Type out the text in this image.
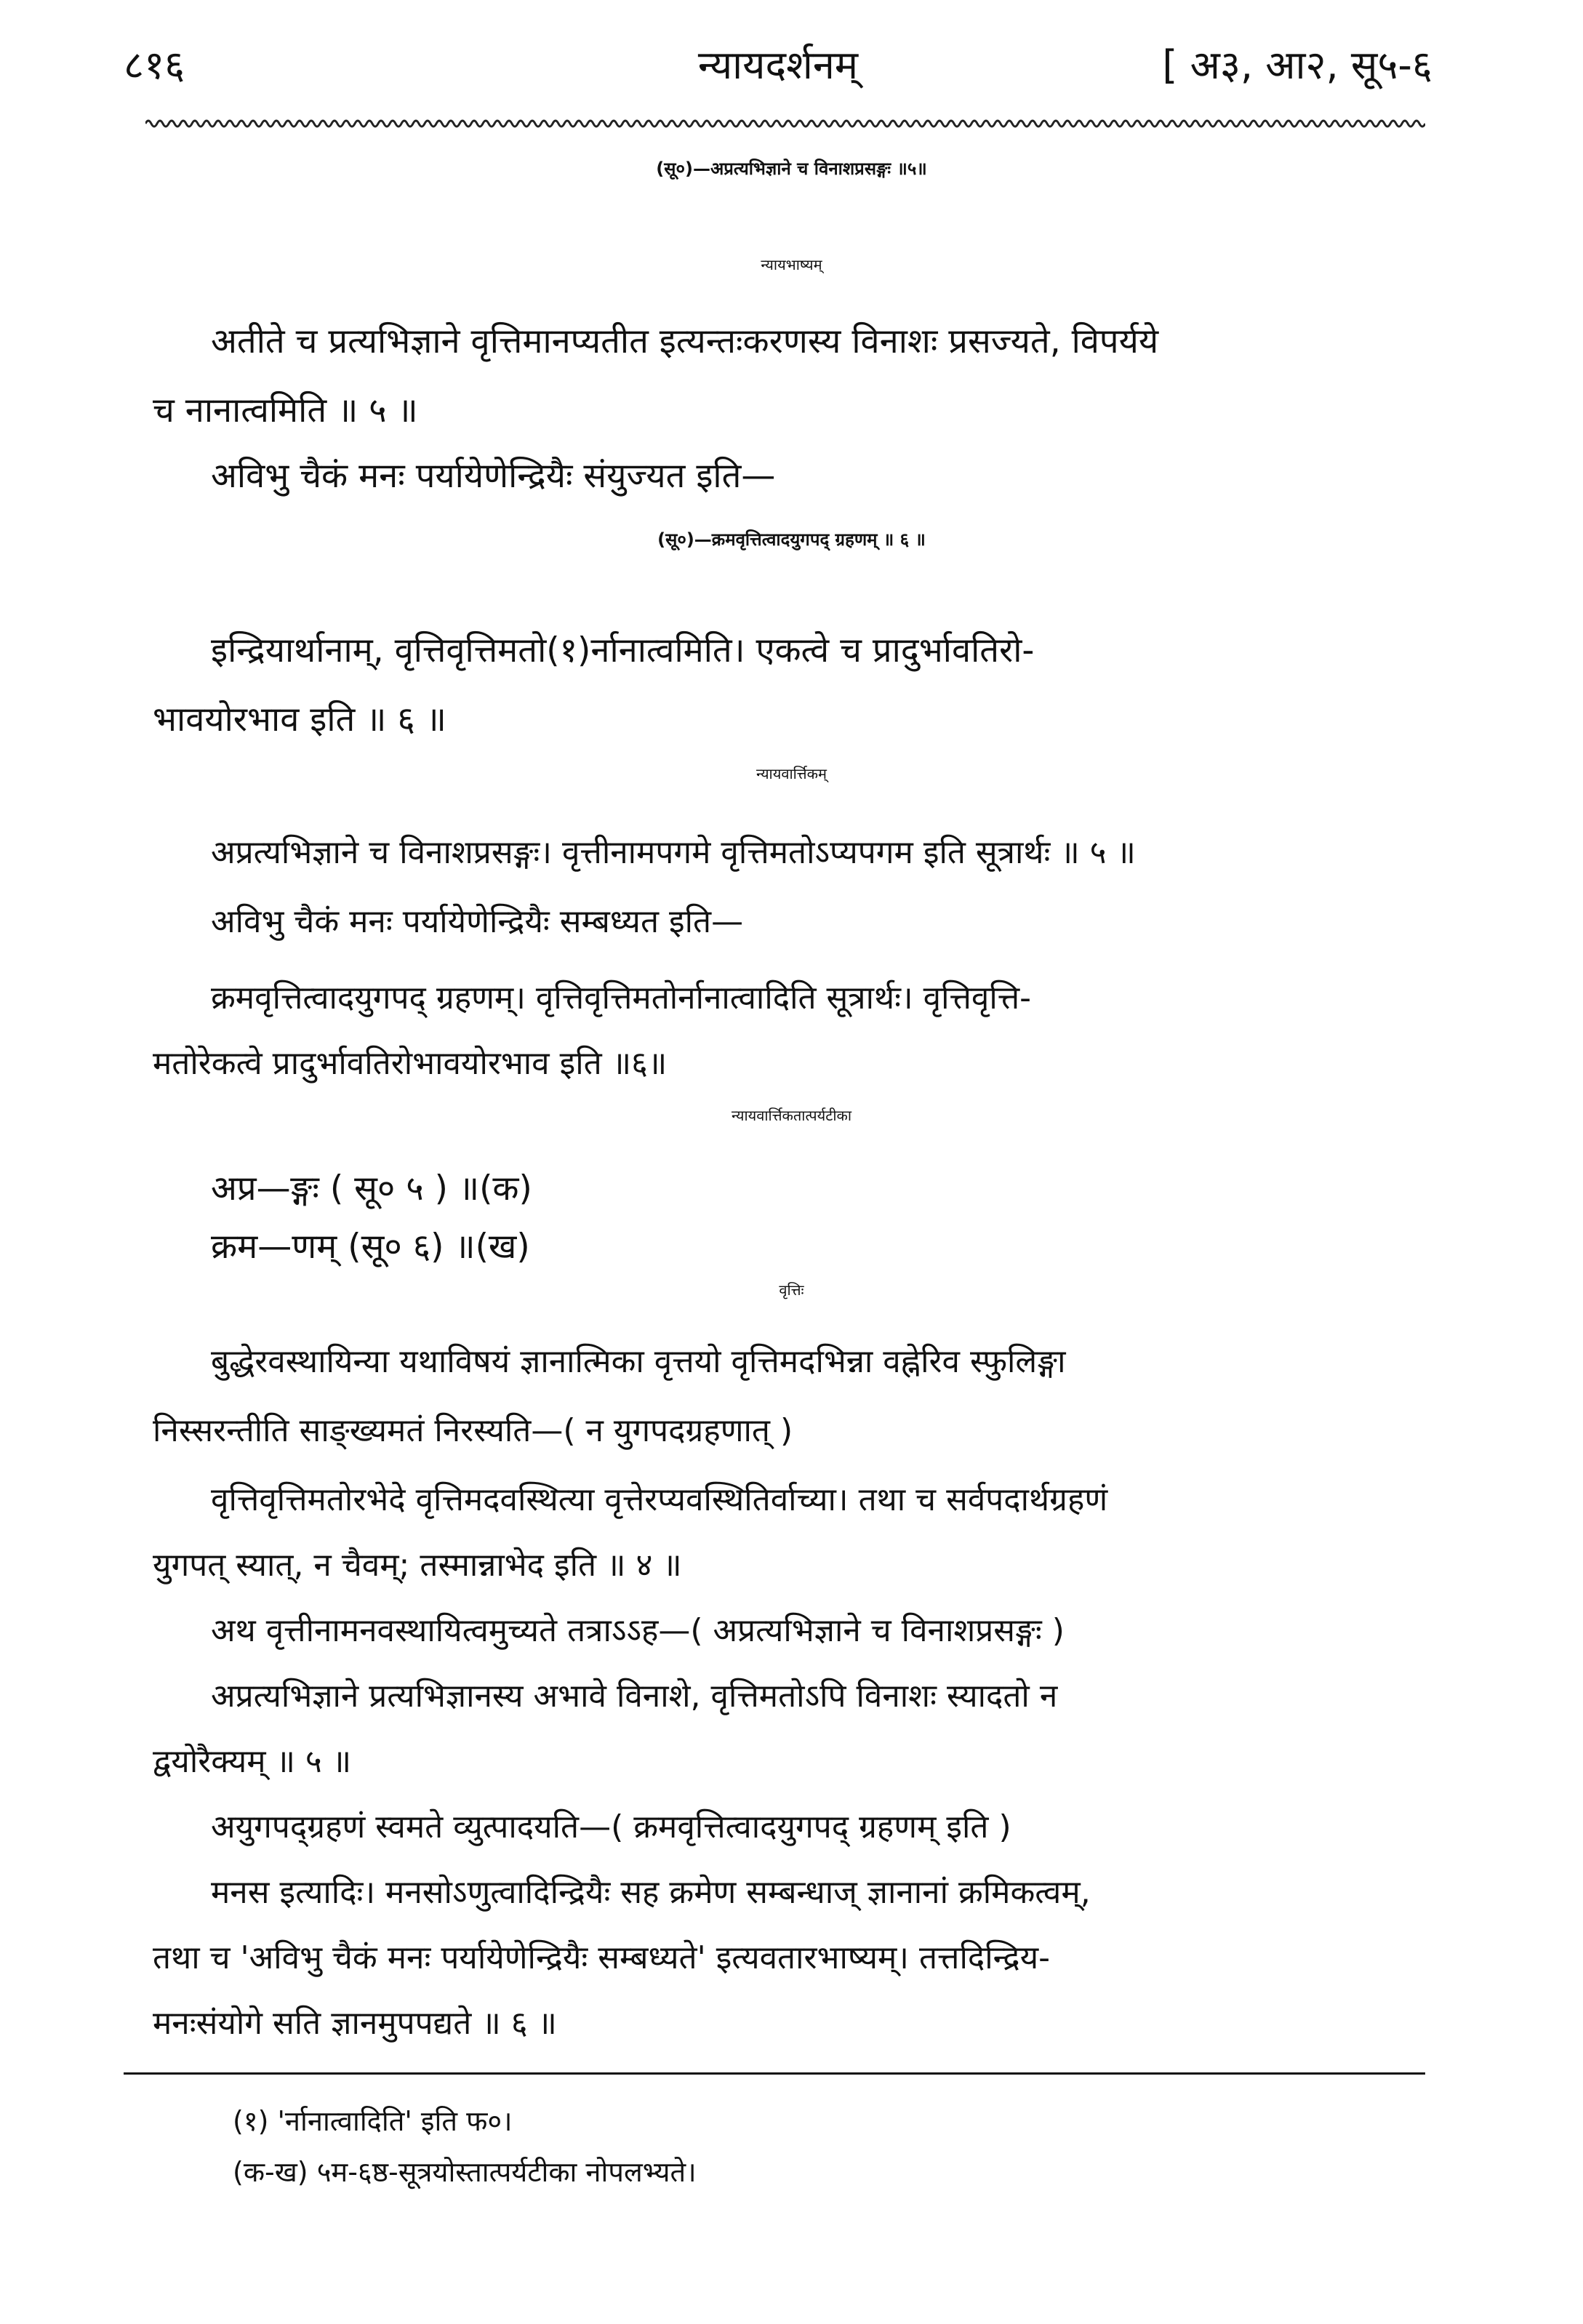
८१६	न्यायदर्शनम्	[ अ३, आ२, सू५-६
(सू०)—अप्रत्यभिज्ञाने च विनाशप्रसङ्गः ॥५॥
न्यायभाष्यम्
अतीते च प्रत्यभिज्ञाने वृत्तिमानप्यतीत इत्यन्तःकरणस्य विनाशः प्रसज्यते, विपर्यये
च नानात्वमिति ॥ ५ ॥
अविभु चैकं मनः पर्यायेणेन्द्रियैः संयुज्यत इति—
(सू०)—क्रमवृत्तित्वादयुगपद् ग्रहणम् ॥ ६ ॥
इन्द्रियार्थानाम्, वृत्तिवृत्तिमतो(१)र्नानात्वमिति। एकत्वे च प्रादुर्भावतिरो-
भावयोरभाव इति ॥ ६ ॥
न्यायवार्त्तिकम्
अप्रत्यभिज्ञाने च विनाशप्रसङ्गः। वृत्तीनामपगमे वृत्तिमतोऽप्यपगम इति सूत्रार्थः ॥ ५ ॥
अविभु चैकं मनः पर्यायेणेन्द्रियैः सम्बध्यत इति—
क्रमवृत्तित्वादयुगपद् ग्रहणम्। वृत्तिवृत्तिमतोर्नानात्वादिति सूत्रार्थः। वृत्तिवृत्ति-
मतोरेकत्वे प्रादुर्भावतिरोभावयोरभाव इति ॥६॥
न्यायवार्त्तिकतात्पर्यटीका
अप्र—ङ्गः ( सू० ५ ) ॥(क)
क्रम—णम् (सू० ६) ॥(ख)
वृत्तिः
बुद्धेरवस्थायिन्या यथाविषयं ज्ञानात्मिका वृत्तयो वृत्तिमदभिन्ना वह्नेरिव स्फुलिङ्गा
निस्सरन्तीति साङ्ख्यमतं निरस्यति—( न युगपदग्रहणात् )
वृत्तिवृत्तिमतोरभेदे वृत्तिमदवस्थित्या वृत्तेरप्यवस्थितिर्वाच्या। तथा च सर्वपदार्थग्रहणं
युगपत् स्यात्, न चैवम्; तस्मान्नाभेद इति ॥ ४ ॥
अथ वृत्तीनामनवस्थायित्वमुच्यते तत्राऽऽह—( अप्रत्यभिज्ञाने च विनाशप्रसङ्गः )
अप्रत्यभिज्ञाने प्रत्यभिज्ञानस्य अभावे विनाशे, वृत्तिमतोऽपि विनाशः स्यादतो न
द्वयोरैक्यम् ॥ ५ ॥
अयुगपद्ग्रहणं स्वमते व्युत्पादयति—( क्रमवृत्तित्वादयुगपद् ग्रहणम् इति )
मनस इत्यादिः। मनसोऽणुत्वादिन्द्रियैः सह क्रमेण सम्बन्धाज् ज्ञानानां क्रमिकत्वम्,
तथा च 'अविभु चैकं मनः पर्यायेणेन्द्रियैः सम्बध्यते' इत्यवतारभाष्यम्। तत्तदिन्द्रिय-
मनःसंयोगे सति ज्ञानमुपपद्यते ॥ ६ ॥
(१) 'र्नानात्वादिति' इति फ०।
(क-ख) ५म-६ष्ठ-सूत्रयोस्तात्पर्यटीका नोपलभ्यते।
